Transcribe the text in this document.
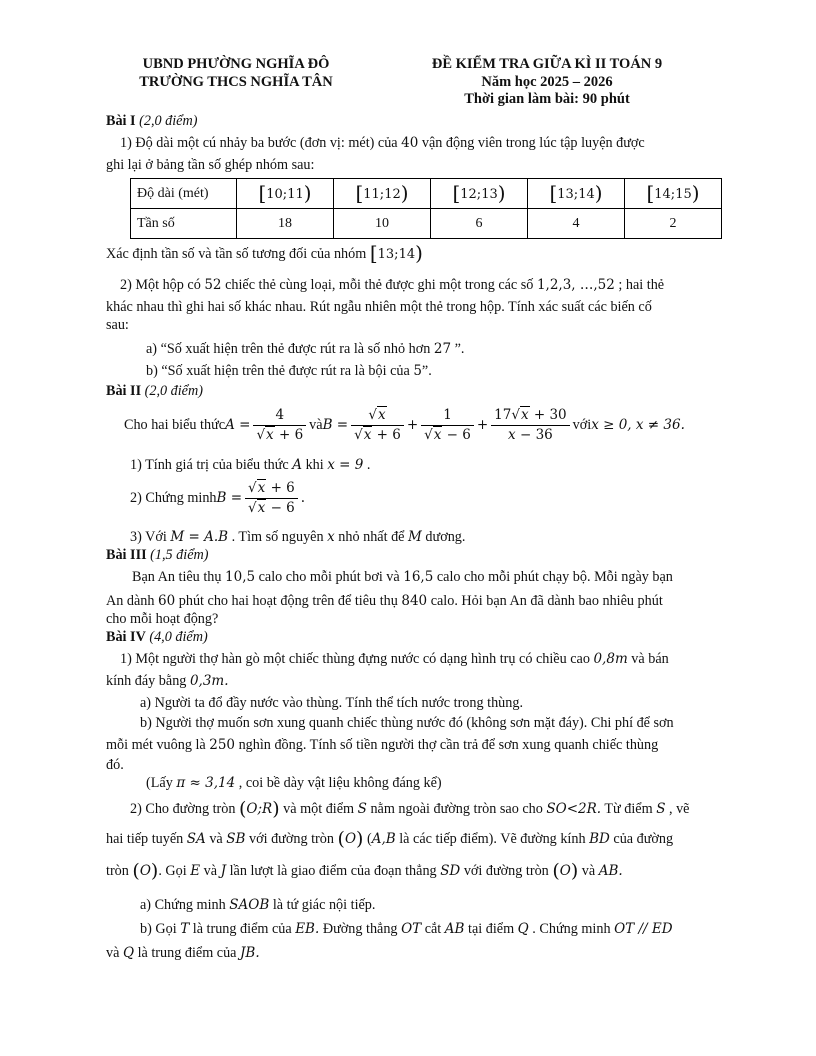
UBND PHƯỜNG NGHĨA ĐÔ
TRƯỜNG THCS NGHĨA TÂN
ĐỀ KIỂM TRA GIỮA KÌ II TOÁN 9
Năm học 2025 – 2026
Thời gian làm bài: 90 phút
Bài I (2,0 điểm)
1) Độ dài một cú nhảy ba bước (đơn vị: mét) của 40 vận động viên trong lúc tập luyện được
ghi lại ở bảng tần số ghép nhóm sau:
Độ dài (mét)	[10;11)	[11;12)	[12;13)	[13;14)	[14;15)
Tần số	18	10	6	4	2
Xác định tần số và tần số tương đối của nhóm [13;14)
2) Một hộp có 52 chiếc thẻ cùng loại, mỗi thẻ được ghi một trong các số 1,2,3, …,52 ; hai thẻ
khác nhau thì ghi hai số khác nhau. Rút ngẫu nhiên một thẻ trong hộp. Tính xác suất các biến cố
sau:
a) “Số xuất hiện trên thẻ được rút ra là số nhỏ hơn 27 ”.
b) “Số xuất hiện trên thẻ được rút ra là bội của 5”.
Bài II (2,0 điểm)
Cho hai biểu thức $A = \frac{4}{√x + 6}$ và $B = \frac{√x}{√x + 6} + \frac{1}{√x - 6} + \frac{17√x + 30}{x - 36}$ với x ≥ 0, x ≠ 36.
1) Tính giá trị của biểu thức A khi x = 9 .
2) Chứng minh $B = \frac{√x + 6}{√x - 6}$ .
3) Với M = A.B . Tìm số nguyên x nhỏ nhất để M dương.
Bài III (1,5 điểm)
Bạn An tiêu thụ 10,5 calo cho mỗi phút bơi và 16,5 calo cho mỗi phút chạy bộ. Mỗi ngày bạn
An dành 60 phút cho hai hoạt động trên để tiêu thụ 840 calo. Hỏi bạn An đã dành bao nhiêu phút
cho mỗi hoạt động?
Bài IV (4,0 điểm)
1) Một người thợ hàn gò một chiếc thùng đựng nước có dạng hình trụ có chiều cao 0,8m và bán
kính đáy bằng 0,3m.
a) Người ta đổ đầy nước vào thùng. Tính thể tích nước trong thùng.
b) Người thợ muốn sơn xung quanh chiếc thùng nước đó (không sơn mặt đáy). Chi phí để sơn
mỗi mét vuông là 250 nghìn đồng. Tính số tiền người thợ cần trả để sơn xung quanh chiếc thùng
đó.
(Lấy π ≈ 3,14 , coi bề dày vật liệu không đáng kể)
2) Cho đường tròn (O;R) và một điểm S nằm ngoài đường tròn sao cho SO<2R. Từ điểm S , vẽ
hai tiếp tuyến SA và SB với đường tròn (O) (A,B là các tiếp điểm). Vẽ đường kính BD của đường
tròn (O). Gọi E và J lần lượt là giao điểm của đoạn thẳng SD với đường tròn (O) và AB.
a) Chứng minh SAOB là tứ giác nội tiếp.
b) Gọi T là trung điểm của EB. Đường thẳng OT cắt AB tại điểm Q . Chứng minh OT // ED
và Q là trung điểm của JB.
